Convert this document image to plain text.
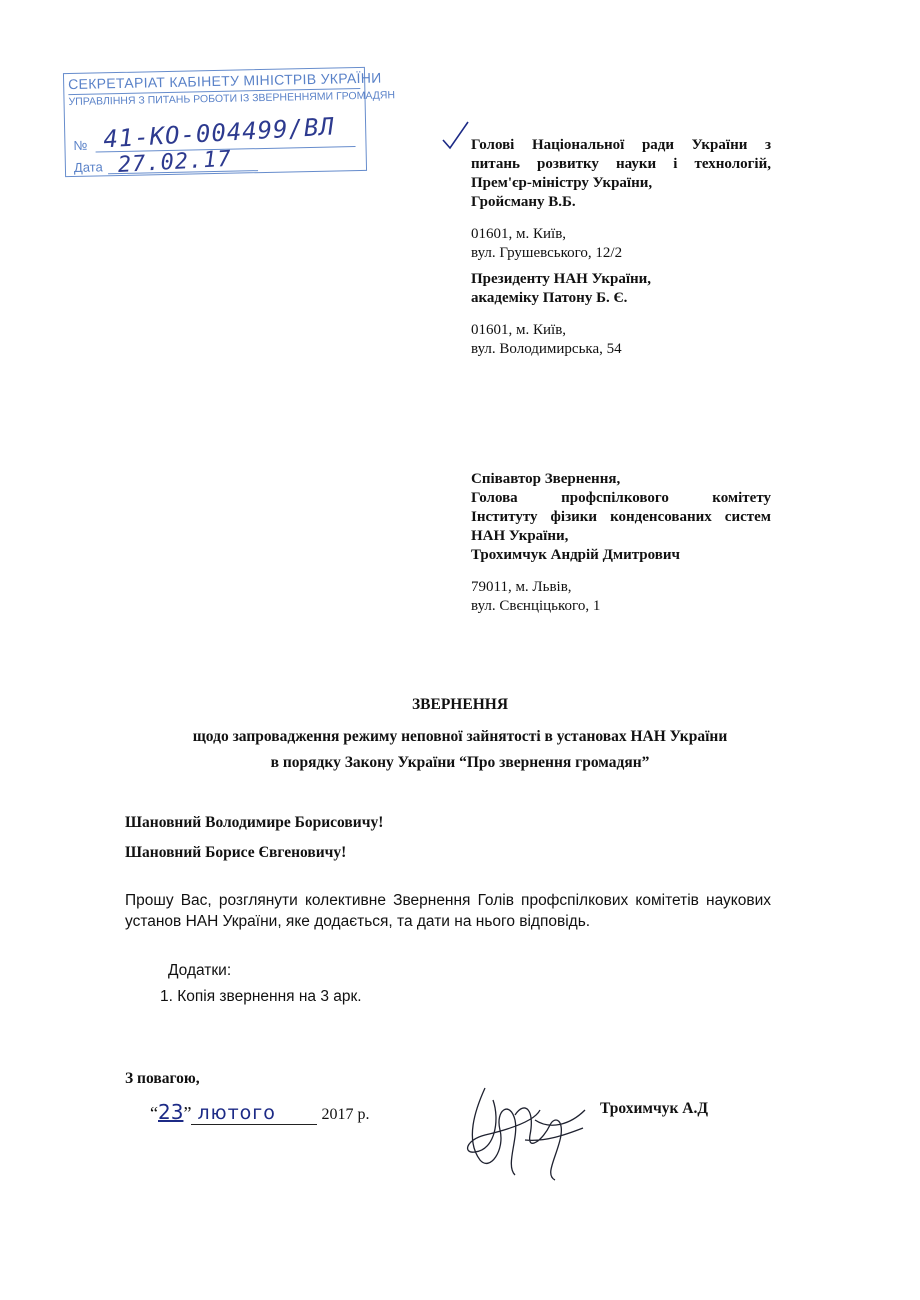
СЕКРЕТАРІАТ КАБІНЕТУ МІНІСТРІВ УКРАЇНИ
УПРАВЛІННЯ З ПИТАНЬ РОБОТИ ІЗ ЗВЕРНЕННЯМИ ГРОМАДЯН
№ 41-КО-004499/ВЛ
Дата 27.02.17
Голові Національної ради України з
питань розвитку науки і технологій,
Прем'єр-міністру України,
Гройсману В.Б.
01601, м. Київ,
вул. Грушевського, 12/2
Президенту НАН України,
академіку Патону Б. Є.
01601, м. Київ,
вул. Володимирська, 54
Співавтор Звернення,
Голова профспілкового комітету
Інституту фізики конденсованих систем
НАН України,
Трохимчук Андрій Дмитрович
79011, м. Львів,
вул. Свєнціцького, 1
ЗВЕРНЕННЯ
щодо запровадження режиму неповної зайнятості в установах НАН України
в порядку Закону України “Про звернення громадян”
Шановний Володимире Борисовичу!
Шановний Борисе Євгеновичу!
Прошу Вас, розглянути колективне Звернення Голів профспілкових комітетів наукових установ НАН України, яке додається, та дати на нього відповідь.
Додатки:
1. Копія звернення на 3 арк.
З повагою,
“23” лютого	2017 р.	Трохимчук А.Д
